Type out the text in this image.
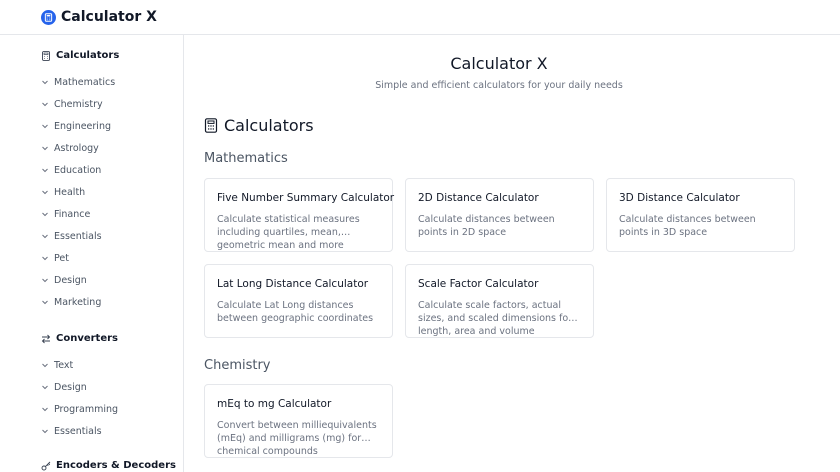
Calculator X
Calculators
Mathematics
Chemistry
Engineering
Astrology
Education
Health
Finance
Essentials
Pet
Design
Marketing
Converters
Text
Design
Programming
Essentials
Encoders & Decoders
Calculator X
Simple and efficient calculators for your daily needs
Calculators
Mathematics
Five Number Summary Calculator
Calculate statistical measures including quartiles, mean, geometric mean and more
2D Distance Calculator
Calculate distances between points in 2D space
3D Distance Calculator
Calculate distances between points in 3D space
Lat Long Distance Calculator
Calculate Lat Long distances between geographic coordinates
Scale Factor Calculator
Calculate scale factors, actual sizes, and scaled dimensions for length, area and volume
Chemistry
mEq to mg Calculator
Convert between milliequivalents (mEq) and milligrams (mg) for chemical compounds
